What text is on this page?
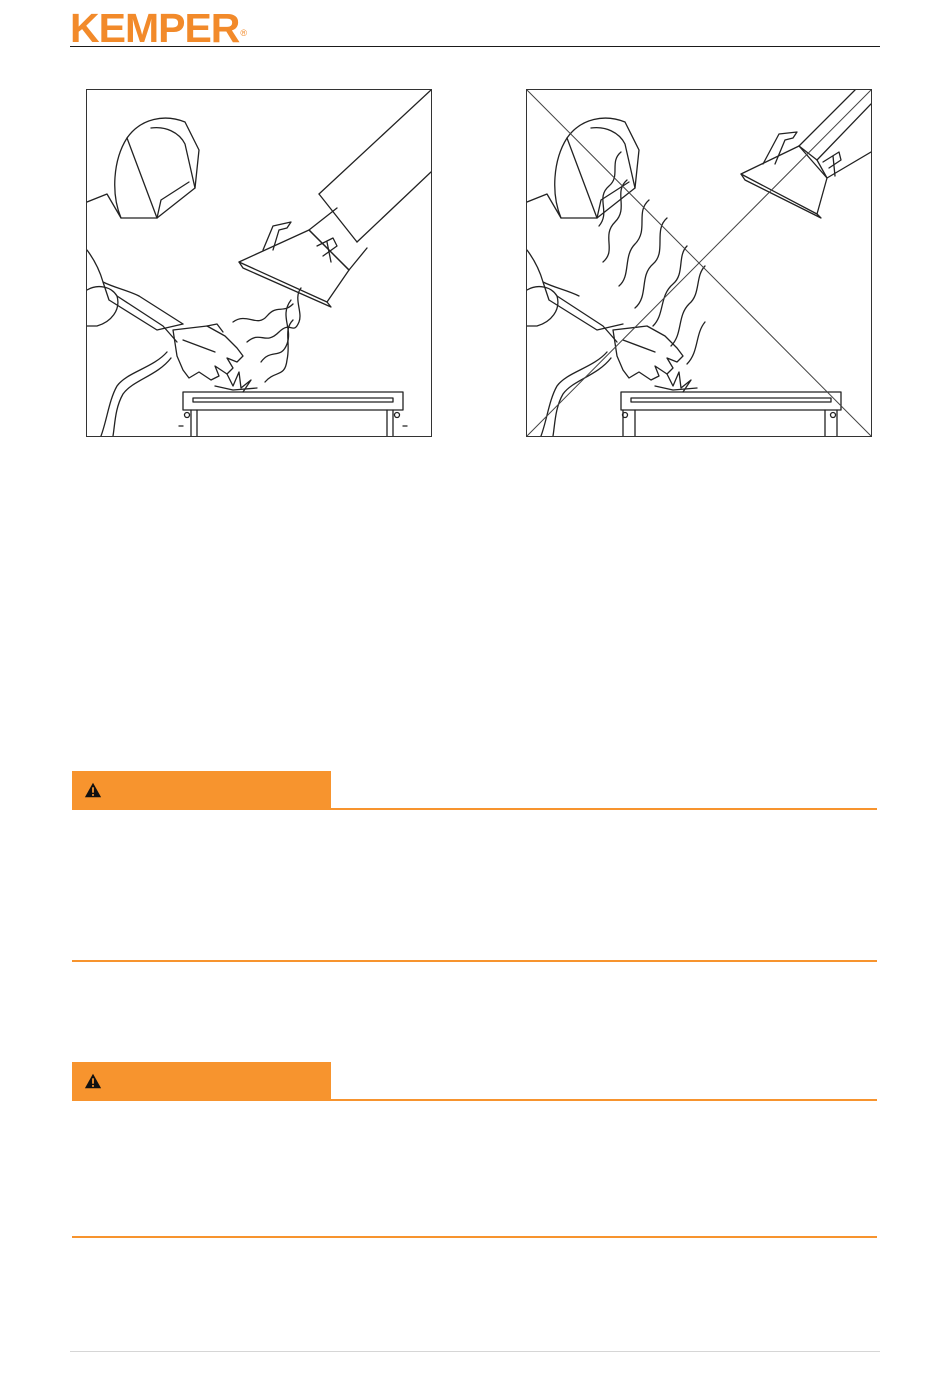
KEMPER®
